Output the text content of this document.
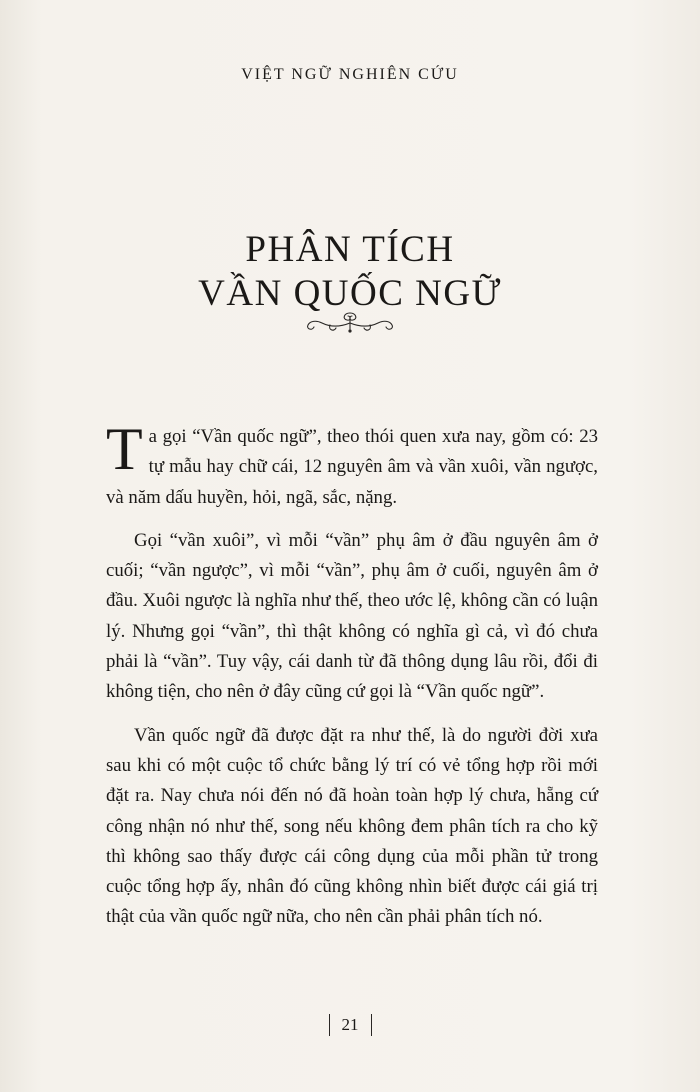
VIỆT NGỮ NGHIÊN CỨU
PHÂN TÍCH
VẦN QUỐC NGỮ

Ta gọi “Vần quốc ngữ”, theo thói quen xưa nay, gồm có: 23 tự mẫu hay chữ cái, 12 nguyên âm và vần xuôi, vần ngược, và năm dấu huyền, hỏi, ngã, sắc, nặng.

Gọi “vần xuôi”, vì mỗi “vần” phụ âm ở đầu nguyên âm ở cuối; “vần ngược”, vì mỗi “vần”, phụ âm ở cuối, nguyên âm ở đầu. Xuôi ngược là nghĩa như thế, theo ước lệ, không cần có luận lý. Nhưng gọi “vần”, thì thật không có nghĩa gì cả, vì đó chưa phải là “vần”. Tuy vậy, cái danh từ đã thông dụng lâu rồi, đổi đi không tiện, cho nên ở đây cũng cứ gọi là “Vần quốc ngữ”.

Vần quốc ngữ đã được đặt ra như thế, là do người đời xưa sau khi có một cuộc tổ chức bằng lý trí có vẻ tổng hợp rồi mới đặt ra. Nay chưa nói đến nó đã hoàn toàn hợp lý chưa, hẵng cứ công nhận nó như thế, song nếu không đem phân tích ra cho kỹ thì không sao thấy được cái công dụng của mỗi phần tử trong cuộc tổng hợp ấy, nhân đó cũng không nhìn biết được cái giá trị thật của vần quốc ngữ nữa, cho nên cần phải phân tích nó.

21
